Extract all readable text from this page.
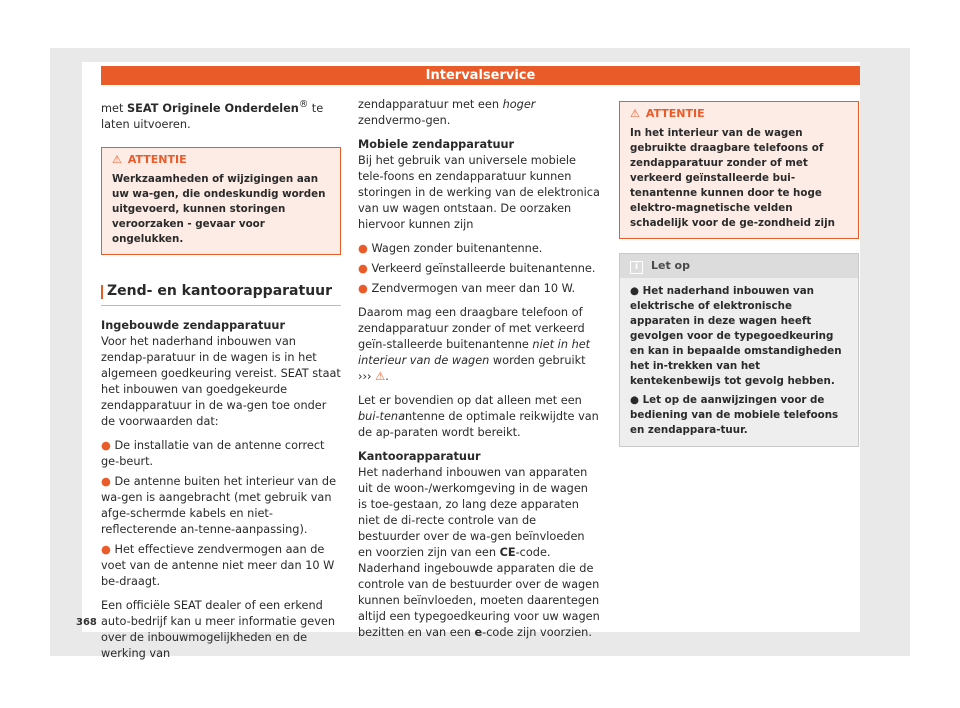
Intervalservice

met SEAT Originele Onderdelen® te laten uitvoeren.

⚠ ATTENTIE
Werkzaamheden of wijzigingen aan uw wa-gen, die ondeskundig worden uitgevoerd, kunnen storingen veroorzaken - gevaar voor ongelukken.
Zend- en kantoorapparatuur

Ingebouwde zendapparatuur

Voor het naderhand inbouwen van zendap-paratuur in de wagen is in het algemeen goedkeuring vereist. SEAT staat het inbouwen van goedgekeurde zendapparatuur in de wa-gen toe onder de voorwaarden dat:

● De installatie van de antenne correct ge-beurt.

● De antenne buiten het interieur van de wa-gen is aangebracht (met gebruik van afge-schermde kabels en niet-reflecterende an-tenne-aanpassing).

● Het effectieve zendvermogen aan de voet van de antenne niet meer dan 10 W be-draagt.

Een officiële SEAT dealer of een erkend auto-bedrijf kan u meer informatie geven over de inbouwmogelijkheden en de werking van

zendapparatuur met een hoger zendvermo-gen.

Mobiele zendapparatuur

Bij het gebruik van universele mobiele tele-foons en zendapparatuur kunnen storingen in de werking van de elektronica van uw wagen ontstaan. De oorzaken hiervoor kunnen zijn

● Wagen zonder buitenantenne.

● Verkeerd geïnstalleerde buitenantenne.

● Zendvermogen van meer dan 10 W.

Daarom mag een draagbare telefoon of zendapparatuur zonder of met verkeerd geïn-stalleerde buitenantenne niet in het interieur van de wagen worden gebruikt ››› ⚠.

Let er bovendien op dat alleen met een bui-tenantenne de optimale reikwijdte van de ap-paraten wordt bereikt.

Kantoorapparatuur

Het naderhand inbouwen van apparaten uit de woon-/werkomgeving in de wagen is toe-gestaan, zo lang deze apparaten niet de di-recte controle van de bestuurder over de wa-gen beïnvloeden en voorzien zijn van een CE-code. Naderhand ingebouwde apparaten die de controle van de bestuurder over de wagen kunnen beïnvloeden, moeten daarentegen altijd een typegoedkeuring voor uw wagen bezitten en van een e-code zijn voorzien.

⚠ ATTENTIE
In het interieur van de wagen gebruikte draagbare telefoons of zendapparatuur zonder of met verkeerd geïnstalleerde bui-tenantenne kunnen door te hoge elektro-magnetische velden schadelijk voor de ge-zondheid zijn
i Let op

● Het naderhand inbouwen van elektrische of elektronische apparaten in deze wagen heeft gevolgen voor de typegoedkeuring en kan in bepaalde omstandigheden het in-trekken van het kentekenbewijs tot gevolg hebben.

● Let op de aanwijzingen voor de bediening van de mobiele telefoons en zendappara-tuur.

368
